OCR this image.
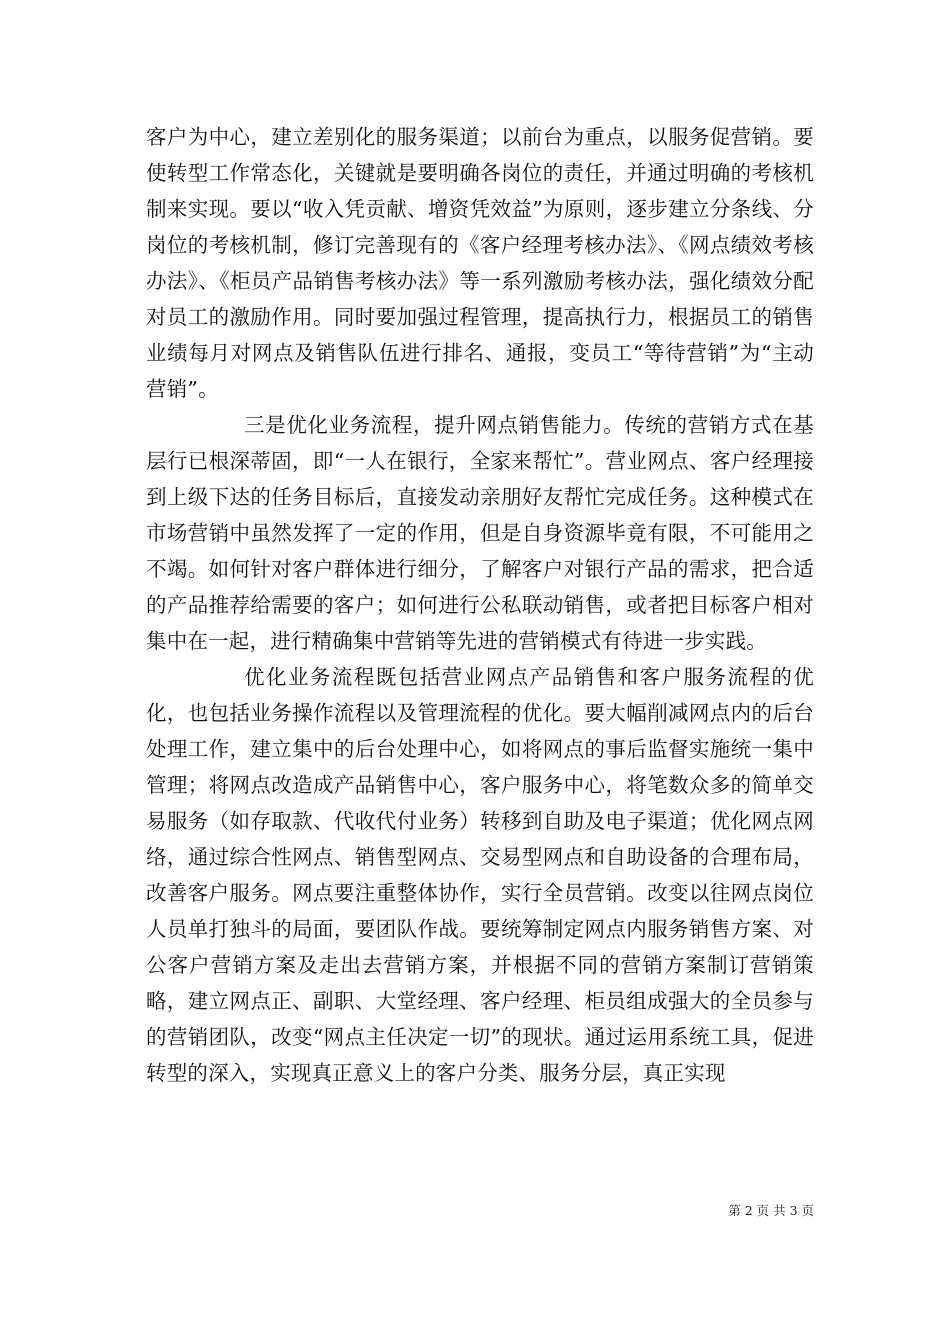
客户为中心，建立差别化的服务渠道；以前台为重点，以服务促营销。要使转型工作常态化，关键就是要明确各岗位的责任，并通过明确的考核机制来实现。要以“收入凭贡献、增资凭效益”为原则，逐步建立分条线、分岗位的考核机制，修订完善现有的《客户经理考核办法》、《网点绩效考核办法》、《柜员产品销售考核办法》等一系列激励考核办法，强化绩效分配对员工的激励作用。同时要加强过程管理，提高执行力，根据员工的销售业绩每月对网点及销售队伍进行排名、通报，变员工“等待营销”为“主动营销”。

三是优化业务流程，提升网点销售能力。传统的营销方式在基层行已根深蒂固，即“一人在银行，全家来帮忙”。营业网点、客户经理接到上级下达的任务目标后，直接发动亲朋好友帮忙完成任务。这种模式在市场营销中虽然发挥了一定的作用，但是自身资源毕竟有限，不可能用之不竭。如何针对客户群体进行细分，了解客户对银行产品的需求，把合适的产品推荐给需要的客户；如何进行公私联动销售，或者把目标客户相对集中在一起，进行精确集中营销等先进的营销模式有待进一步实践。

优化业务流程既包括营业网点产品销售和客户服务流程的优化，也包括业务操作流程以及管理流程的优化。要大幅削减网点内的后台处理工作，建立集中的后台处理中心，如将网点的事后监督实施统一集中管理；将网点改造成产品销售中心，客户服务中心，将笔数众多的简单交易服务（如存取款、代收代付业务）转移到自助及电子渠道；优化网点网络，通过综合性网点、销售型网点、交易型网点和自助设备的合理布局，改善客户服务。网点要注重整体协作，实行全员营销。改变以往网点岗位人员单打独斗的局面，要团队作战。要统筹制定网点内服务销售方案、对公客户营销方案及走出去营销方案，并根据不同的营销方案制订营销策略，建立网点正、副职、大堂经理、客户经理、柜员组成强大的全员参与的营销团队，改变“网点主任决定一切”的现状。通过运用系统工具，促进转型的深入，实现真正意义上的客户分类、服务分层，真正实现

第 2 页 共 3 页
